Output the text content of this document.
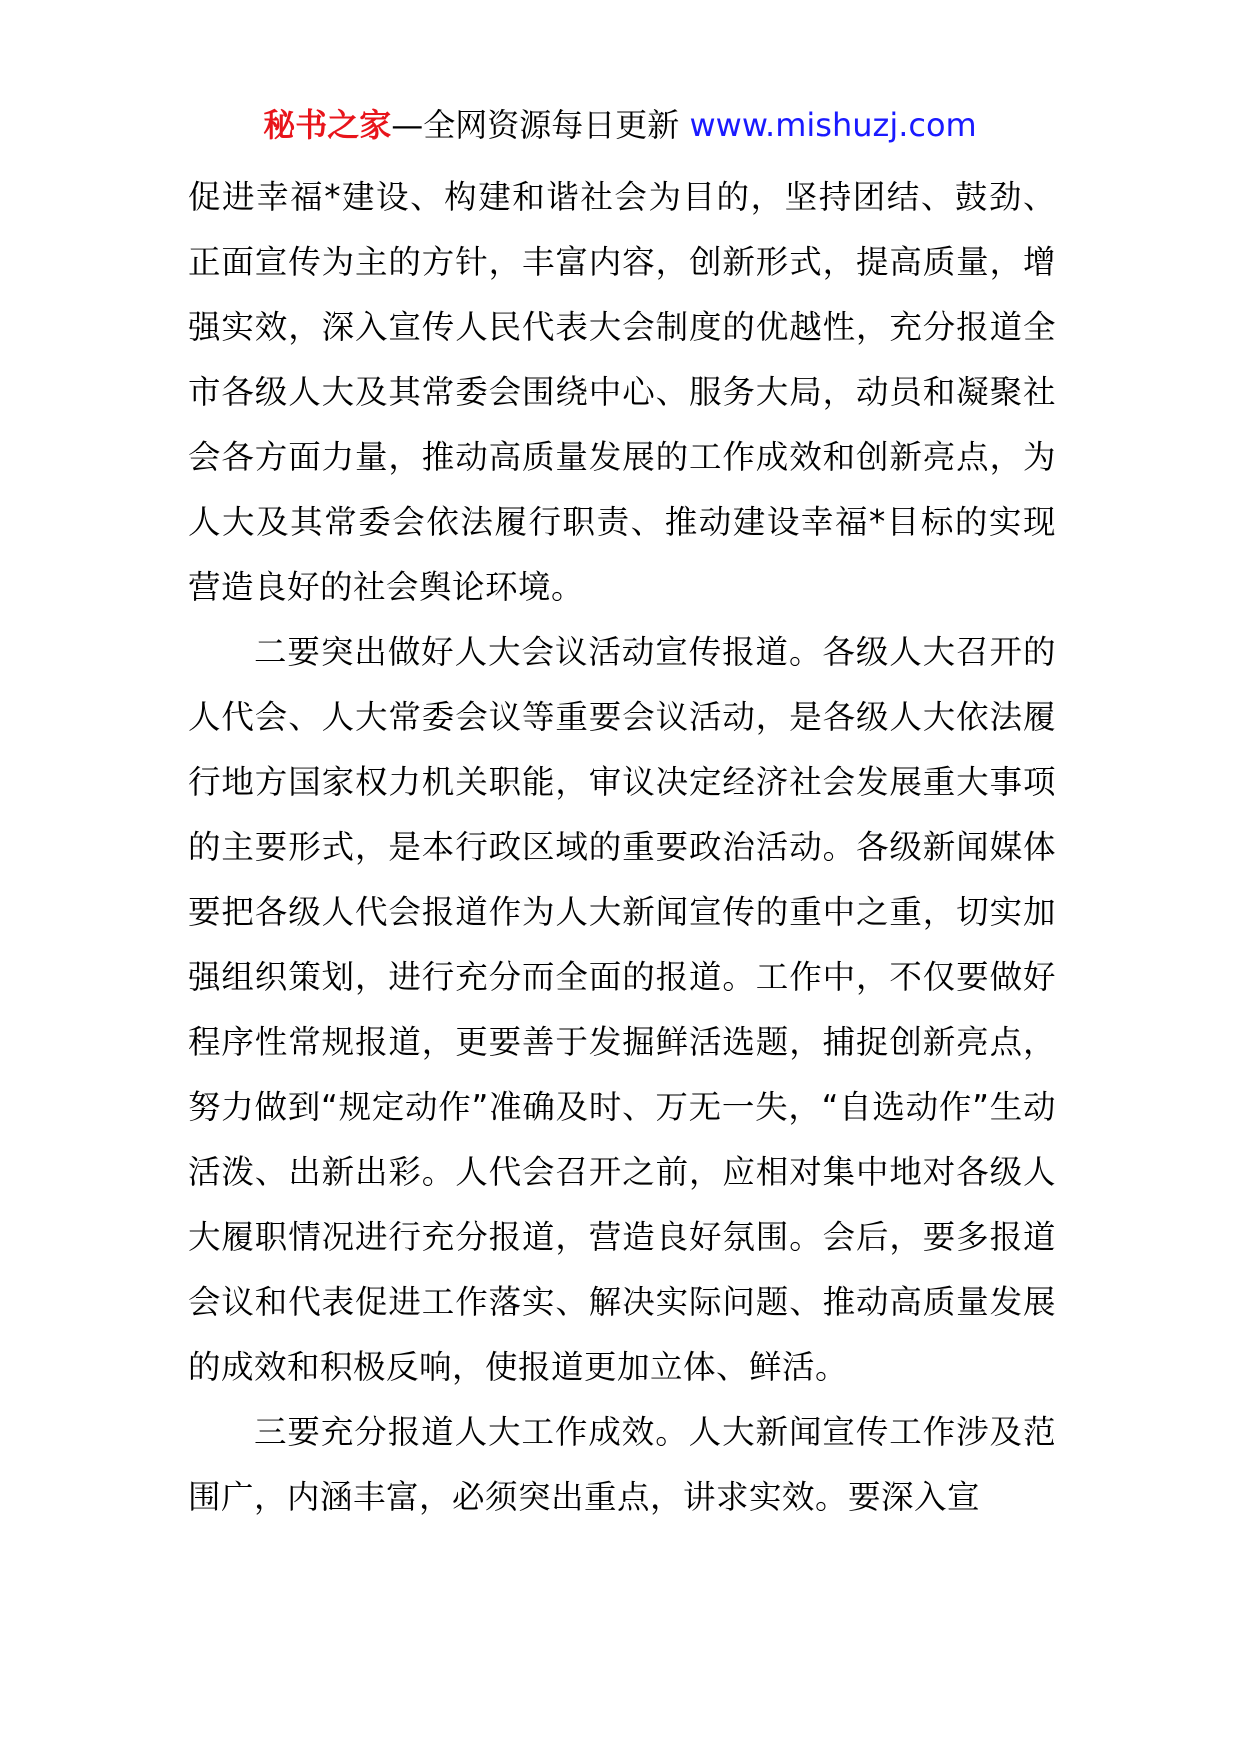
秘书之家—全网资源每日更新 www.mishuzj.com

促进幸福*建设、构建和谐社会为目的，坚持团结、鼓劲、正面宣传为主的方针，丰富内容，创新形式，提高质量，增强实效，深入宣传人民代表大会制度的优越性，充分报道全市各级人大及其常委会围绕中心、服务大局，动员和凝聚社会各方面力量，推动高质量发展的工作成效和创新亮点，为人大及其常委会依法履行职责、推动建设幸福*目标的实现营造良好的社会舆论环境。

二要突出做好人大会议活动宣传报道。各级人大召开的人代会、人大常委会议等重要会议活动，是各级人大依法履行地方国家权力机关职能，审议决定经济社会发展重大事项的主要形式，是本行政区域的重要政治活动。各级新闻媒体要把各级人代会报道作为人大新闻宣传的重中之重，切实加强组织策划，进行充分而全面的报道。工作中，不仅要做好程序性常规报道，更要善于发掘鲜活选题，捕捉创新亮点，努力做到“规定动作”准确及时、万无一失，“自选动作”生动活泼、出新出彩。人代会召开之前，应相对集中地对各级人大履职情况进行充分报道，营造良好氛围。会后，要多报道会议和代表促进工作落实、解决实际问题、推动高质量发展的成效和积极反响，使报道更加立体、鲜活。

三要充分报道人大工作成效。人大新闻宣传工作涉及范围广，内涵丰富，必须突出重点，讲求实效。要深入宣
